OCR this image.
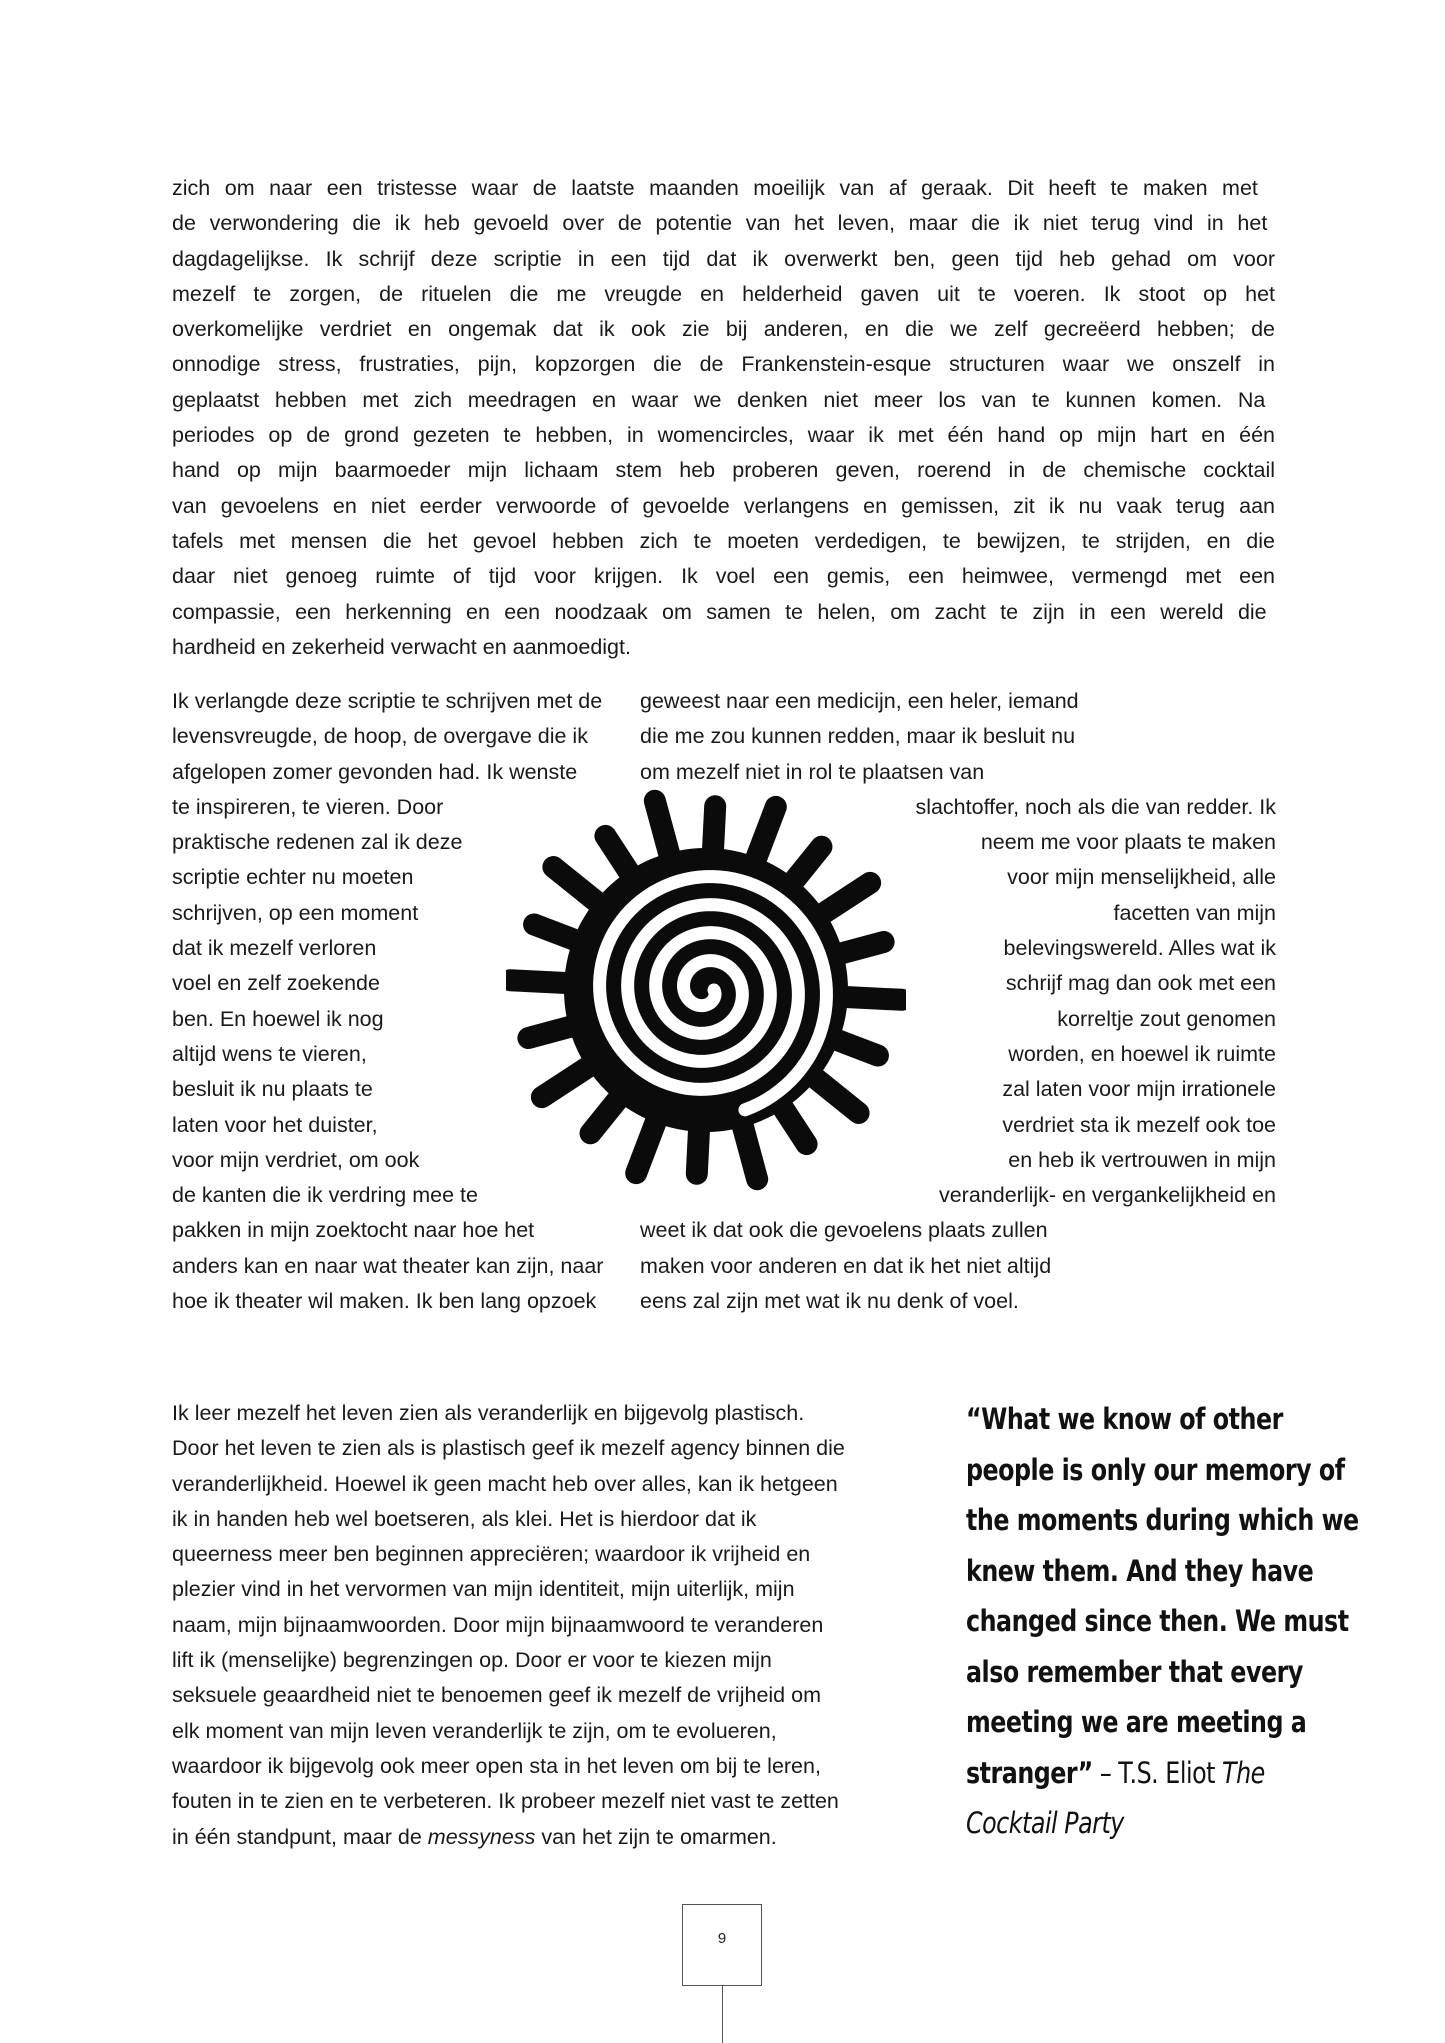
zich om naar een tristesse waar de laatste maanden moeilijk van af geraak. Dit heeft te maken met
de verwondering die ik heb gevoeld over de potentie van het leven, maar die ik niet terug vind in het
dagdagelijkse. Ik schrijf deze scriptie in een tijd dat ik overwerkt ben, geen tijd heb gehad om voor
mezelf te zorgen, de rituelen die me vreugde en helderheid gaven uit te voeren. Ik stoot op het
overkomelijke verdriet en ongemak dat ik ook zie bij anderen, en die we zelf gecreëerd hebben; de
onnodige stress, frustraties, pijn, kopzorgen die de Frankenstein-esque structuren waar we onszelf in
geplaatst hebben met zich meedragen en waar we denken niet meer los van te kunnen komen. Na
periodes op de grond gezeten te hebben, in womencircles, waar ik met één hand op mijn hart en één
hand op mijn baarmoeder mijn lichaam stem heb proberen geven, roerend in de chemische cocktail
van gevoelens en niet eerder verwoorde of gevoelde verlangens en gemissen, zit ik nu vaak terug aan
tafels met mensen die het gevoel hebben zich te moeten verdedigen, te bewijzen, te strijden, en die
daar niet genoeg ruimte of tijd voor krijgen. Ik voel een gemis, een heimwee, vermengd met een
compassie, een herkenning en een noodzaak om samen te helen, om zacht te zijn in een wereld die
hardheid en zekerheid verwacht en aanmoedigt.
Ik verlangde deze scriptie te schrijven met de
levensvreugde, de hoop, de overgave die ik
afgelopen zomer gevonden had. Ik wenste
te inspireren, te vieren. Door
praktische redenen zal ik deze
scriptie echter nu moeten
schrijven, op een moment
dat ik mezelf verloren
voel en zelf zoekende
ben. En hoewel ik nog
altijd wens te vieren,
besluit ik nu plaats te
laten voor het duister,
voor mijn verdriet, om ook
de kanten die ik verdring mee te
pakken in mijn zoektocht naar hoe het
anders kan en naar wat theater kan zijn, naar
hoe ik theater wil maken. Ik ben lang opzoek
geweest naar een medicijn, een heler, iemand
die me zou kunnen redden, maar ik besluit nu
om mezelf niet in rol te plaatsen van
slachtoffer, noch als die van redder. Ik
neem me voor plaats te maken
voor mijn menselijkheid, alle
facetten van mijn
belevingswereld. Alles wat ik
schrijf mag dan ook met een
korreltje zout genomen
worden, en hoewel ik ruimte
zal laten voor mijn irrationele
verdriet sta ik mezelf ook toe
en heb ik vertrouwen in mijn
veranderlijk- en vergankelijkheid en
weet ik dat ook die gevoelens plaats zullen
maken voor anderen en dat ik het niet altijd
eens zal zijn met wat ik nu denk of voel.
Ik leer mezelf het leven zien als veranderlijk en bijgevolg plastisch.
Door het leven te zien als is plastisch geef ik mezelf agency binnen die
veranderlijkheid. Hoewel ik geen macht heb over alles, kan ik hetgeen
ik in handen heb wel boetseren, als klei. Het is hierdoor dat ik
queerness meer ben beginnen appreciëren; waardoor ik vrijheid en
plezier vind in het vervormen van mijn identiteit, mijn uiterlijk, mijn
naam, mijn bijnaamwoorden. Door mijn bijnaamwoord te veranderen
lift ik (menselijke) begrenzingen op. Door er voor te kiezen mijn
seksuele geaardheid niet te benoemen geef ik mezelf de vrijheid om
elk moment van mijn leven veranderlijk te zijn, om te evolueren,
waardoor ik bijgevolg ook meer open sta in het leven om bij te leren,
fouten in te zien en te verbeteren. Ik probeer mezelf niet vast te zetten
in één standpunt, maar de messyness van het zijn te omarmen.
“What we know of other
people is only our memory of
the moments during which we
knew them. And they have
changed since then. We must
also remember that every
meeting we are meeting a
stranger” – T.S. Eliot The
Cocktail Party
9
